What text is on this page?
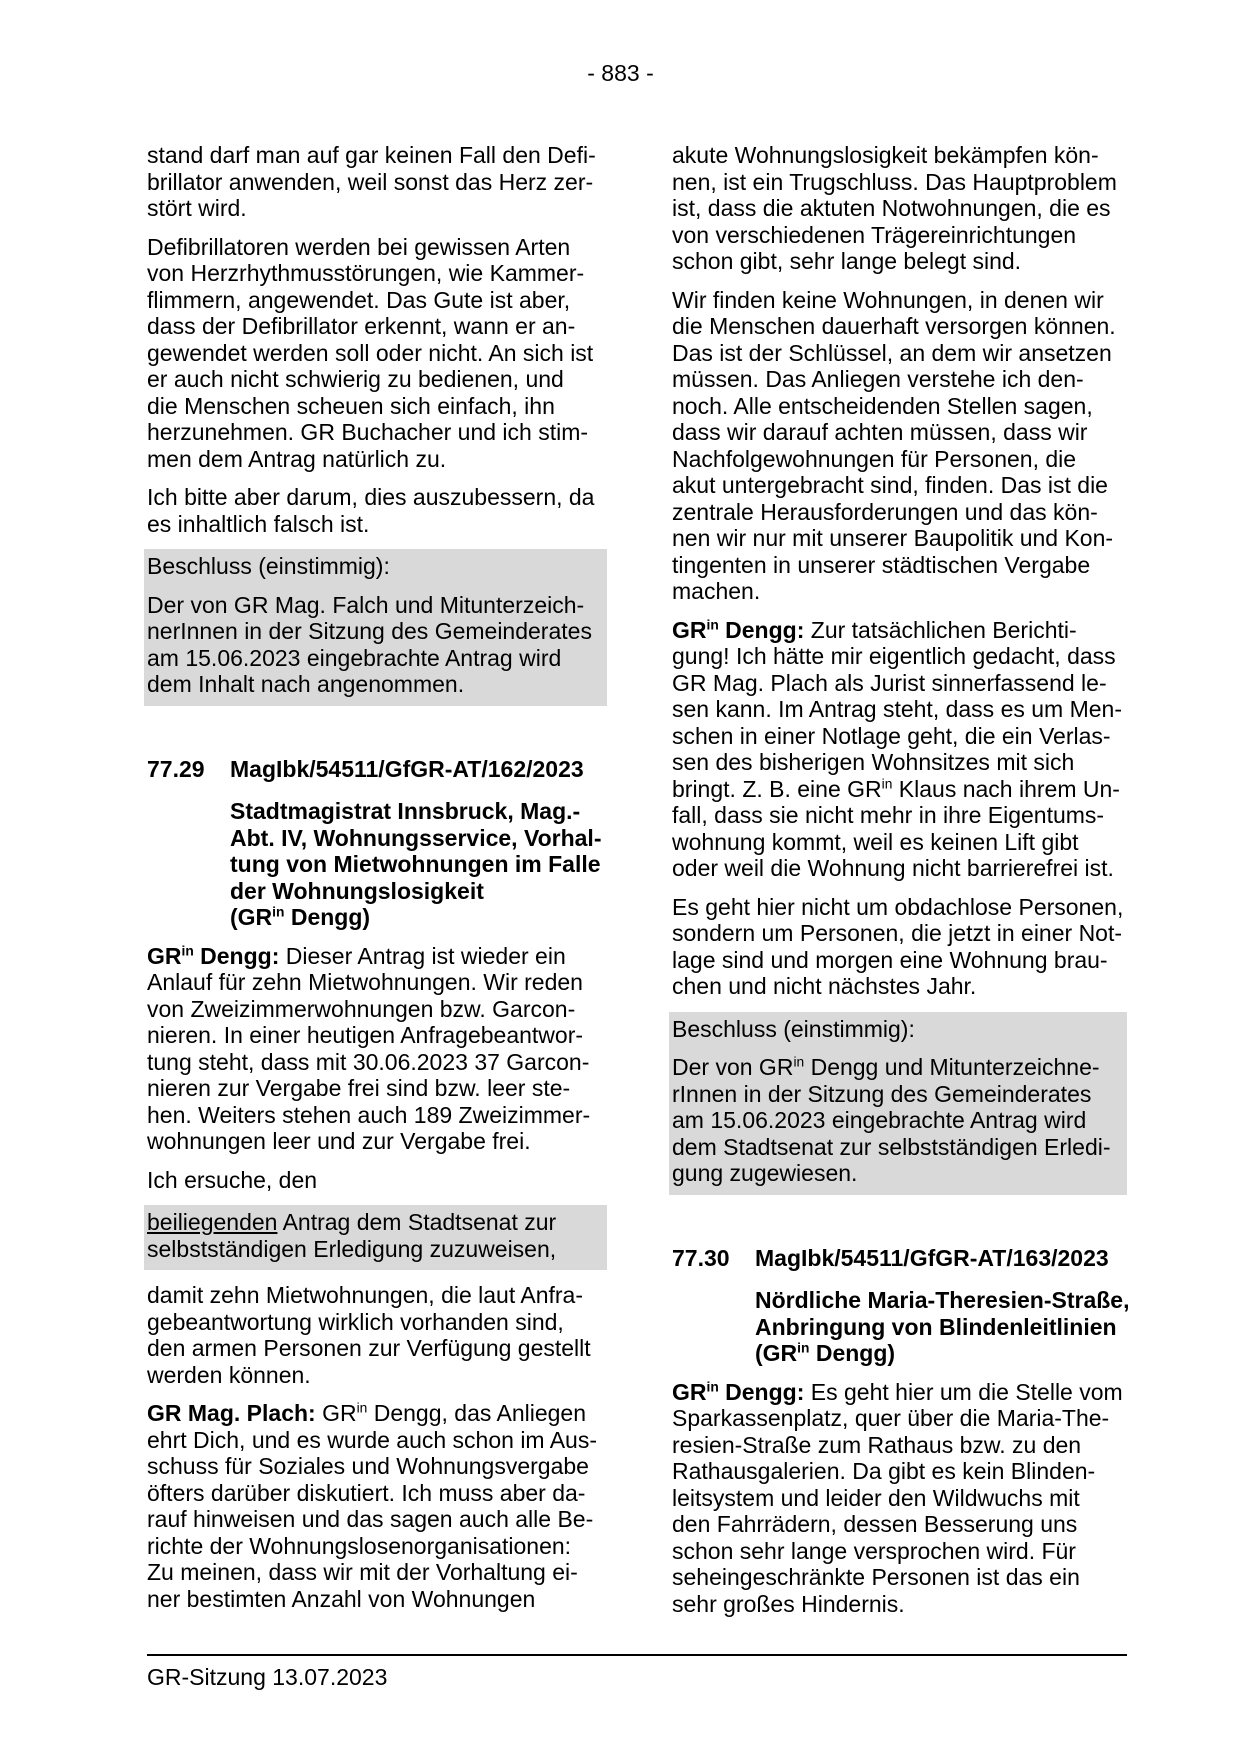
- 883 -
stand darf man auf gar keinen Fall den Defi-
brillator anwenden, weil sonst das Herz zer-
stört wird.
Defibrillatoren werden bei gewissen Arten
von Herzrhythmusstörungen, wie Kammer-
flimmern, angewendet. Das Gute ist aber,
dass der Defibrillator erkennt, wann er an-
gewendet werden soll oder nicht. An sich ist
er auch nicht schwierig zu bedienen, und
die Menschen scheuen sich einfach, ihn
herzunehmen. GR Buchacher und ich stim-
men dem Antrag natürlich zu.
Ich bitte aber darum, dies auszubessern, da
es inhaltlich falsch ist.
Beschluss (einstimmig):
Der von GR Mag. Falch und Mitunterzeich-
nerInnen in der Sitzung des Gemeinderates
am 15.06.2023 eingebrachte Antrag wird
dem Inhalt nach angenommen.
77.29	MagIbk/54511/GfGR-AT/162/2023
Stadtmagistrat Innsbruck, Mag.-
Abt. IV, Wohnungsservice, Vorhal-
tung von Mietwohnungen im Falle
der Wohnungslosigkeit
($GR^{in}$ Dengg)
$GR^{in}$ Dengg: Dieser Antrag ist wieder ein
Anlauf für zehn Mietwohnungen. Wir reden
von Zweizimmerwohnungen bzw. Garcon-
nieren. In einer heutigen Anfragebeantwor-
tung steht, dass mit 30.06.2023 37 Garcon-
nieren zur Vergabe frei sind bzw. leer ste-
hen. Weiters stehen auch 189 Zweizimmer-
wohnungen leer und zur Vergabe frei.
Ich ersuche, den
beiliegenden Antrag dem Stadtsenat zur
selbstständigen Erledigung zuzuweisen,
damit zehn Mietwohnungen, die laut Anfra-
gebeantwortung wirklich vorhanden sind,
den armen Personen zur Verfügung gestellt
werden können.
GR Mag. Plach: $GR^{in}$ Dengg, das Anliegen
ehrt Dich, und es wurde auch schon im Aus-
schuss für Soziales und Wohnungsvergabe
öfters darüber diskutiert. Ich muss aber da-
rauf hinweisen und das sagen auch alle Be-
richte der Wohnungslosenorganisationen:
Zu meinen, dass wir mit der Vorhaltung ei-
ner bestimten Anzahl von Wohnungen
akute Wohnungslosigkeit bekämpfen kön-
nen, ist ein Trugschluss. Das Hauptproblem
ist, dass die aktuten Notwohnungen, die es
von verschiedenen Trägereinrichtungen
schon gibt, sehr lange belegt sind.
Wir finden keine Wohnungen, in denen wir
die Menschen dauerhaft versorgen können.
Das ist der Schlüssel, an dem wir ansetzen
müssen. Das Anliegen verstehe ich den-
noch. Alle entscheidenden Stellen sagen,
dass wir darauf achten müssen, dass wir
Nachfolgewohnungen für Personen, die
akut untergebracht sind, finden. Das ist die
zentrale Herausforderungen und das kön-
nen wir nur mit unserer Baupolitik und Kon-
tingenten in unserer städtischen Vergabe
machen.
$GR^{in}$ Dengg: Zur tatsächlichen Berichti-
gung! Ich hätte mir eigentlich gedacht, dass
GR Mag. Plach als Jurist sinnerfassend le-
sen kann. Im Antrag steht, dass es um Men-
schen in einer Notlage geht, die ein Verlas-
sen des bisherigen Wohnsitzes mit sich
bringt. Z. B. eine $GR^{in}$ Klaus nach ihrem Un-
fall, dass sie nicht mehr in ihre Eigentums-
wohnung kommt, weil es keinen Lift gibt
oder weil die Wohnung nicht barrierefrei ist.
Es geht hier nicht um obdachlose Personen,
sondern um Personen, die jetzt in einer Not-
lage sind und morgen eine Wohnung brau-
chen und nicht nächstes Jahr.
Beschluss (einstimmig):
Der von $GR^{in}$ Dengg und Mitunterzeichne-
rInnen in der Sitzung des Gemeinderates
am 15.06.2023 eingebrachte Antrag wird
dem Stadtsenat zur selbstständigen Erledi-
gung zugewiesen.
77.30	MagIbk/54511/GfGR-AT/163/2023
Nördliche Maria-Theresien-Straße,
Anbringung von Blindenleitlinien
($GR^{in}$ Dengg)
$GR^{in}$ Dengg: Es geht hier um die Stelle vom
Sparkassenplatz, quer über die Maria-The-
resien-Straße zum Rathaus bzw. zu den
Rathausgalerien. Da gibt es kein Blinden-
leitsystem und leider den Wildwuchs mit
den Fahrrädern, dessen Besserung uns
schon sehr lange versprochen wird. Für
seheingeschränkte Personen ist das ein
sehr großes Hindernis.
GR-Sitzung 13.07.2023
